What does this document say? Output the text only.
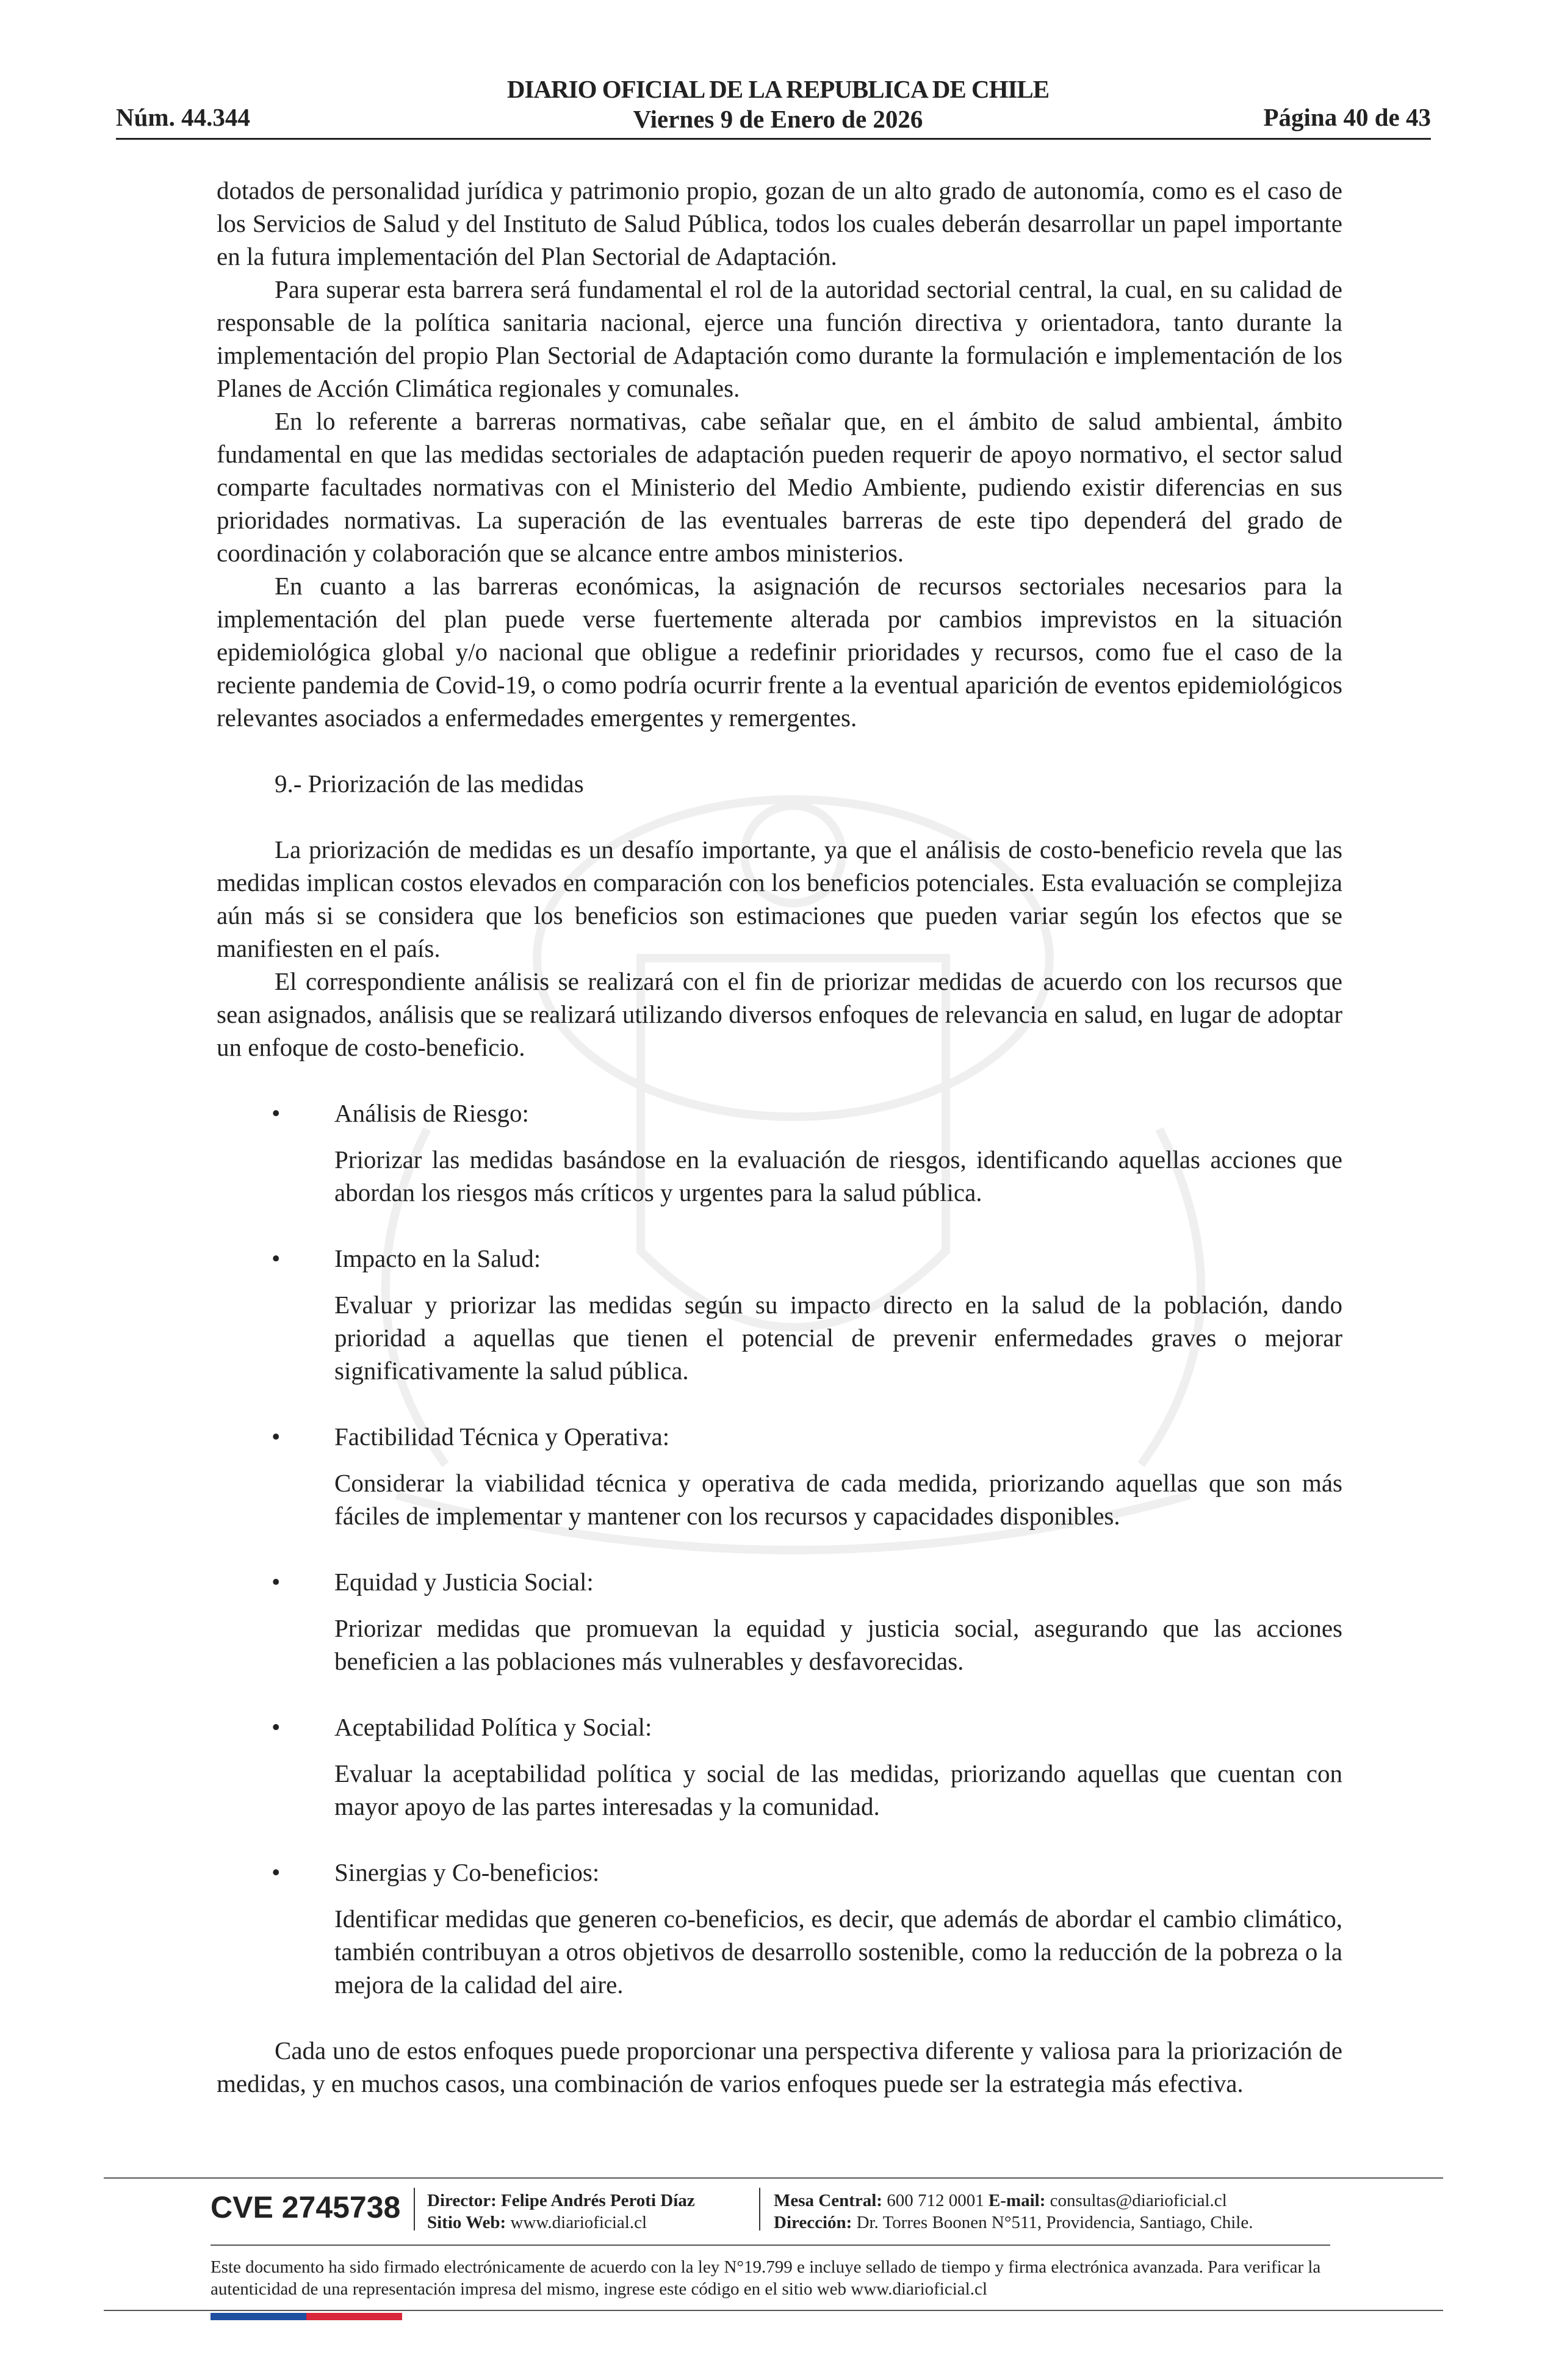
Núm. 44.344
DIARIO OFICIAL DE LA REPUBLICA DE CHILE
Viernes 9 de Enero de 2026	Página 40 de 43

dotados de personalidad jurídica y patrimonio propio, gozan de un alto grado de autonomía, como es el caso de los Servicios de Salud y del Instituto de Salud Pública, todos los cuales deberán desarrollar un papel importante en la futura implementación del Plan Sectorial de Adaptación.

Para superar esta barrera será fundamental el rol de la autoridad sectorial central, la cual, en su calidad de responsable de la política sanitaria nacional, ejerce una función directiva y orientadora, tanto durante la implementación del propio Plan Sectorial de Adaptación como durante la formulación e implementación de los Planes de Acción Climática regionales y comunales.

En lo referente a barreras normativas, cabe señalar que, en el ámbito de salud ambiental, ámbito fundamental en que las medidas sectoriales de adaptación pueden requerir de apoyo normativo, el sector salud comparte facultades normativas con el Ministerio del Medio Ambiente, pudiendo existir diferencias en sus prioridades normativas. La superación de las eventuales barreras de este tipo dependerá del grado de coordinación y colaboración que se alcance entre ambos ministerios.

En cuanto a las barreras económicas, la asignación de recursos sectoriales necesarios para la implementación del plan puede verse fuertemente alterada por cambios imprevistos en la situación epidemiológica global y/o nacional que obligue a redefinir prioridades y recursos, como fue el caso de la reciente pandemia de Covid-19, o como podría ocurrir frente a la eventual aparición de eventos epidemiológicos relevantes asociados a enfermedades emergentes y remergentes.

9.- Priorización de las medidas

La priorización de medidas es un desafío importante, ya que el análisis de costo-beneficio revela que las medidas implican costos elevados en comparación con los beneficios potenciales. Esta evaluación se complejiza aún más si se considera que los beneficios son estimaciones que pueden variar según los efectos que se manifiesten en el país.

El correspondiente análisis se realizará con el fin de priorizar medidas de acuerdo con los recursos que sean asignados, análisis que se realizará utilizando diversos enfoques de relevancia en salud, en lugar de adoptar un enfoque de costo-beneficio.

• Análisis de Riesgo:
Priorizar las medidas basándose en la evaluación de riesgos, identificando aquellas acciones que abordan los riesgos más críticos y urgentes para la salud pública.
• Impacto en la Salud:
Evaluar y priorizar las medidas según su impacto directo en la salud de la población, dando prioridad a aquellas que tienen el potencial de prevenir enfermedades graves o mejorar significativamente la salud pública.
• Factibilidad Técnica y Operativa:
Considerar la viabilidad técnica y operativa de cada medida, priorizando aquellas que son más fáciles de implementar y mantener con los recursos y capacidades disponibles.
• Equidad y Justicia Social:
Priorizar medidas que promuevan la equidad y justicia social, asegurando que las acciones beneficien a las poblaciones más vulnerables y desfavorecidas.
• Aceptabilidad Política y Social:
Evaluar la aceptabilidad política y social de las medidas, priorizando aquellas que cuentan con mayor apoyo de las partes interesadas y la comunidad.
• Sinergias y Co-beneficios:
Identificar medidas que generen co-beneficios, es decir, que además de abordar el cambio climático, también contribuyan a otros objetivos de desarrollo sostenible, como la reducción de la pobreza o la mejora de la calidad del aire.

Cada uno de estos enfoques puede proporcionar una perspectiva diferente y valiosa para la priorización de medidas, y en muchos casos, una combinación de varios enfoques puede ser la estrategia más efectiva.

CVE 2745738 Director: Felipe Andrés Peroti Díaz
Sitio Web: www.diarioficial.cl
Mesa Central: 600 712 0001 E-mail: consultas@diarioficial.cl
Dirección: Dr. Torres Boonen N°511, Providencia, Santiago, Chile.
Este documento ha sido firmado electrónicamente de acuerdo con la ley N°19.799 e incluye sellado de tiempo y firma electrónica avanzada. Para verificar la autenticidad de una representación impresa del mismo, ingrese este código en el sitio web www.diarioficial.cl
